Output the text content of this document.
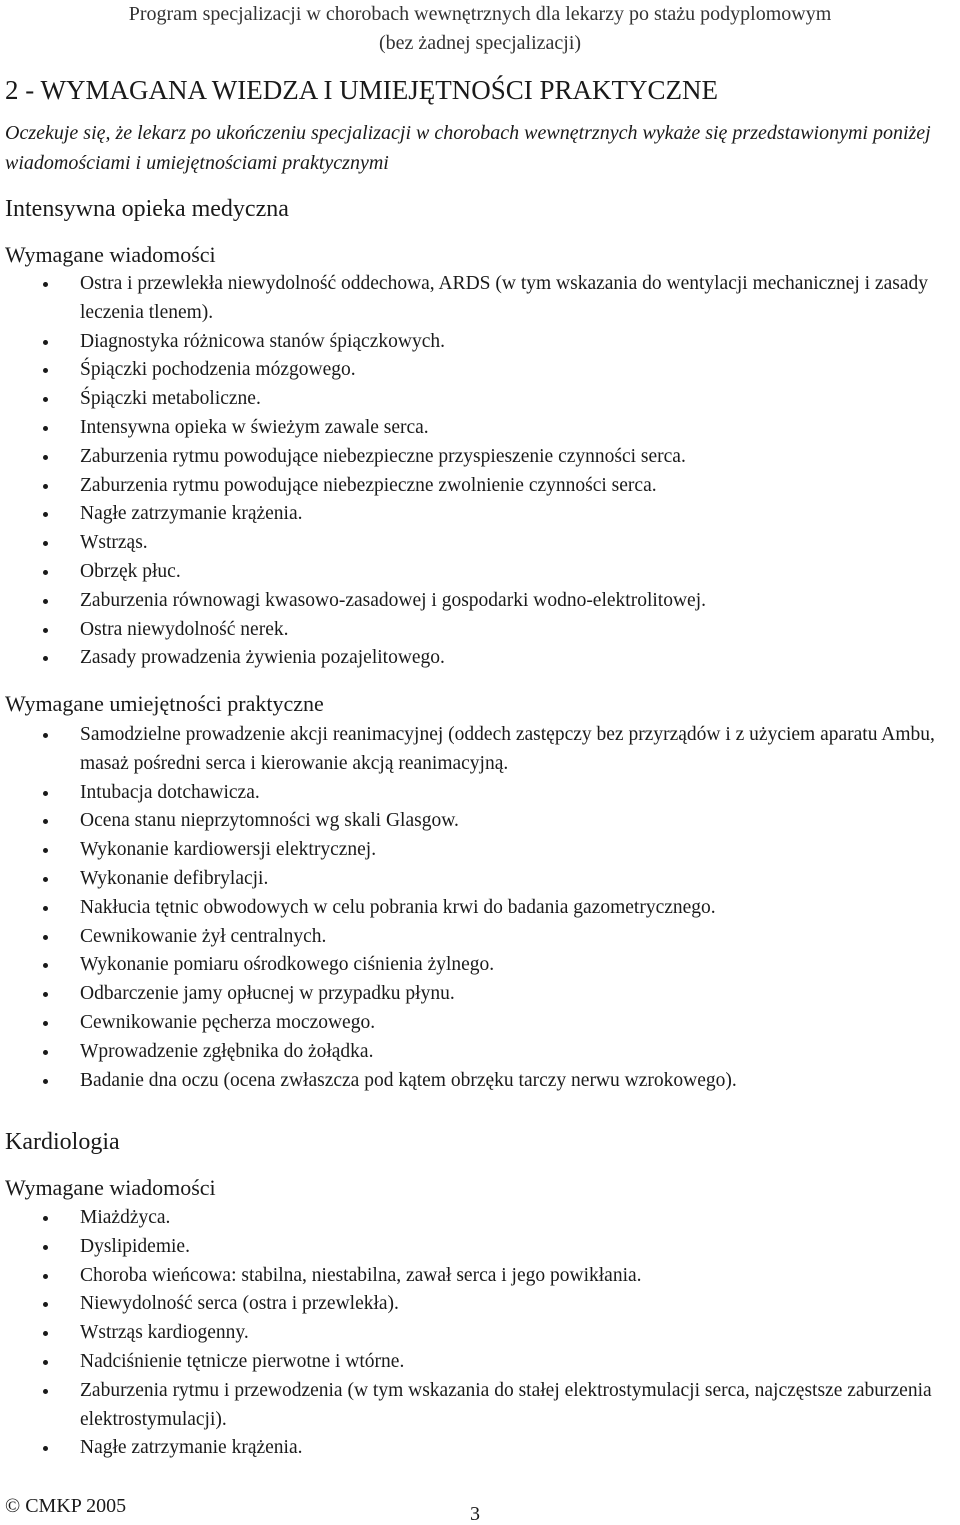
Program specjalizacji w chorobach wewnętrznych dla lekarzy po stażu podyplomowym
(bez żadnej specjalizacji)
2 - WYMAGANA WIEDZA I UMIEJĘTNOŚCI PRAKTYCZNE
Oczekuje się, że lekarz po ukończeniu specjalizacji w chorobach wewnętrznych wykaże się przedstawionymi poniżej wiadomościami i umiejętnościami praktycznymi
Intensywna opieka medyczna
Wymagane wiadomości
Ostra i przewlekła niewydolność oddechowa, ARDS (w tym wskazania do wentylacji mechanicznej i zasady leczenia tlenem).
Diagnostyka różnicowa stanów śpiączkowych.
Śpiączki pochodzenia mózgowego.
Śpiączki metaboliczne.
Intensywna opieka w świeżym zawale serca.
Zaburzenia rytmu powodujące niebezpieczne przyspieszenie czynności serca.
Zaburzenia rytmu powodujące niebezpieczne zwolnienie czynności serca.
Nagłe zatrzymanie krążenia.
Wstrząs.
Obrzęk płuc.
Zaburzenia równowagi kwasowo-zasadowej i gospodarki wodno-elektrolitowej.
Ostra niewydolność nerek.
Zasady prowadzenia żywienia pozajelitowego.
Wymagane umiejętności praktyczne
Samodzielne prowadzenie akcji reanimacyjnej (oddech zastępczy bez przyrządów i z użyciem aparatu Ambu, masaż pośredni serca i kierowanie akcją reanimacyjną.
Intubacja dotchawicza.
Ocena stanu nieprzytomności wg skali Glasgow.
Wykonanie kardiowersji elektrycznej.
Wykonanie defibrylacji.
Nakłucia tętnic obwodowych w celu pobrania krwi do badania gazometrycznego.
Cewnikowanie żył centralnych.
Wykonanie pomiaru ośrodkowego ciśnienia żylnego.
Odbarczenie jamy opłucnej w przypadku płynu.
Cewnikowanie pęcherza moczowego.
Wprowadzenie zgłębnika do żołądka.
Badanie dna oczu (ocena zwłaszcza pod kątem obrzęku tarczy nerwu wzrokowego).
Kardiologia
Wymagane wiadomości
Miażdżyca.
Dyslipidemie.
Choroba wieńcowa: stabilna, niestabilna, zawał serca i jego powikłania.
Niewydolność serca (ostra i przewlekła).
Wstrząs kardiogenny.
Nadciśnienie tętnicze pierwotne i wtórne.
Zaburzenia rytmu i przewodzenia (w tym wskazania do stałej elektrostymulacji serca, najczęstsze zaburzenia elektrostymulacji).
Nagłe zatrzymanie krążenia.
© CMKP 2005	3
